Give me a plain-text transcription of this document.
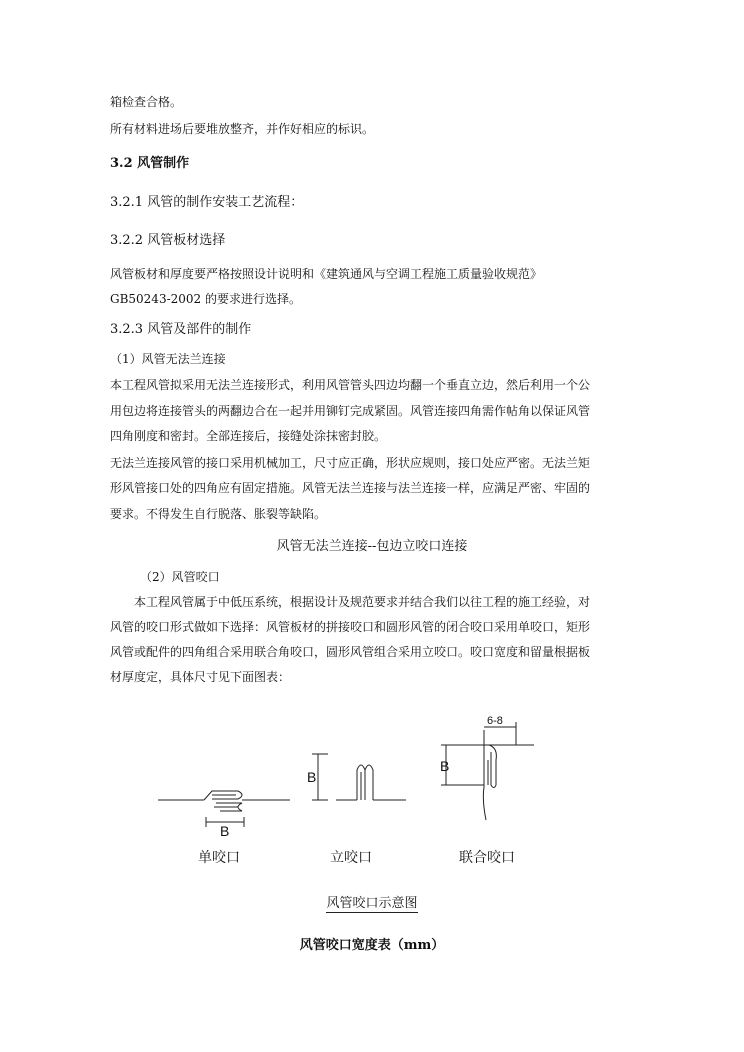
箱检查合格。
所有材料进场后要堆放整齐，并作好相应的标识。
3.2 风管制作
3.2.1 风管的制作安装工艺流程：
3.2.2 风管板材选择
风管板材和厚度要严格按照设计说明和《建筑通风与空调工程施工质量验收规范》
GB50243-2002 的要求进行选择。
3.2.3 风管及部件的制作
（1）风管无法兰连接
本工程风管拟采用无法兰连接形式，利用风管管头四边均翻一个垂直立边，然后利用一个公
用包边将连接管头的两翻边合在一起并用铆钉完成紧固。风管连接四角需作帖角以保证风管
四角刚度和密封。全部连接后，接缝处涂抹密封胶。
无法兰连接风管的接口采用机械加工，尺寸应正确，形状应规则，接口处应严密。无法兰矩
形风管接口处的四角应有固定措施。风管无法兰连接与法兰连接一样，应满足严密、牢固的
要求。不得发生自行脱落、胀裂等缺陷。
风管无法兰连接--包边立咬口连接
（2）风管咬口
本工程风管属于中低压系统，根据设计及规范要求并结合我们以往工程的施工经验，对
风管的咬口形式做如下选择：风管板材的拼接咬口和圆形风管的闭合咬口采用单咬口，矩形
风管或配件的四角组合采用联合角咬口，圆形风管组合采用立咬口。咬口宽度和留量根据板
材厚度定，具体尺寸见下面图表：
B
B
B
6-8
单咬口	立咬口	联合咬口
风管咬口示意图
风管咬口宽度表（mm）
